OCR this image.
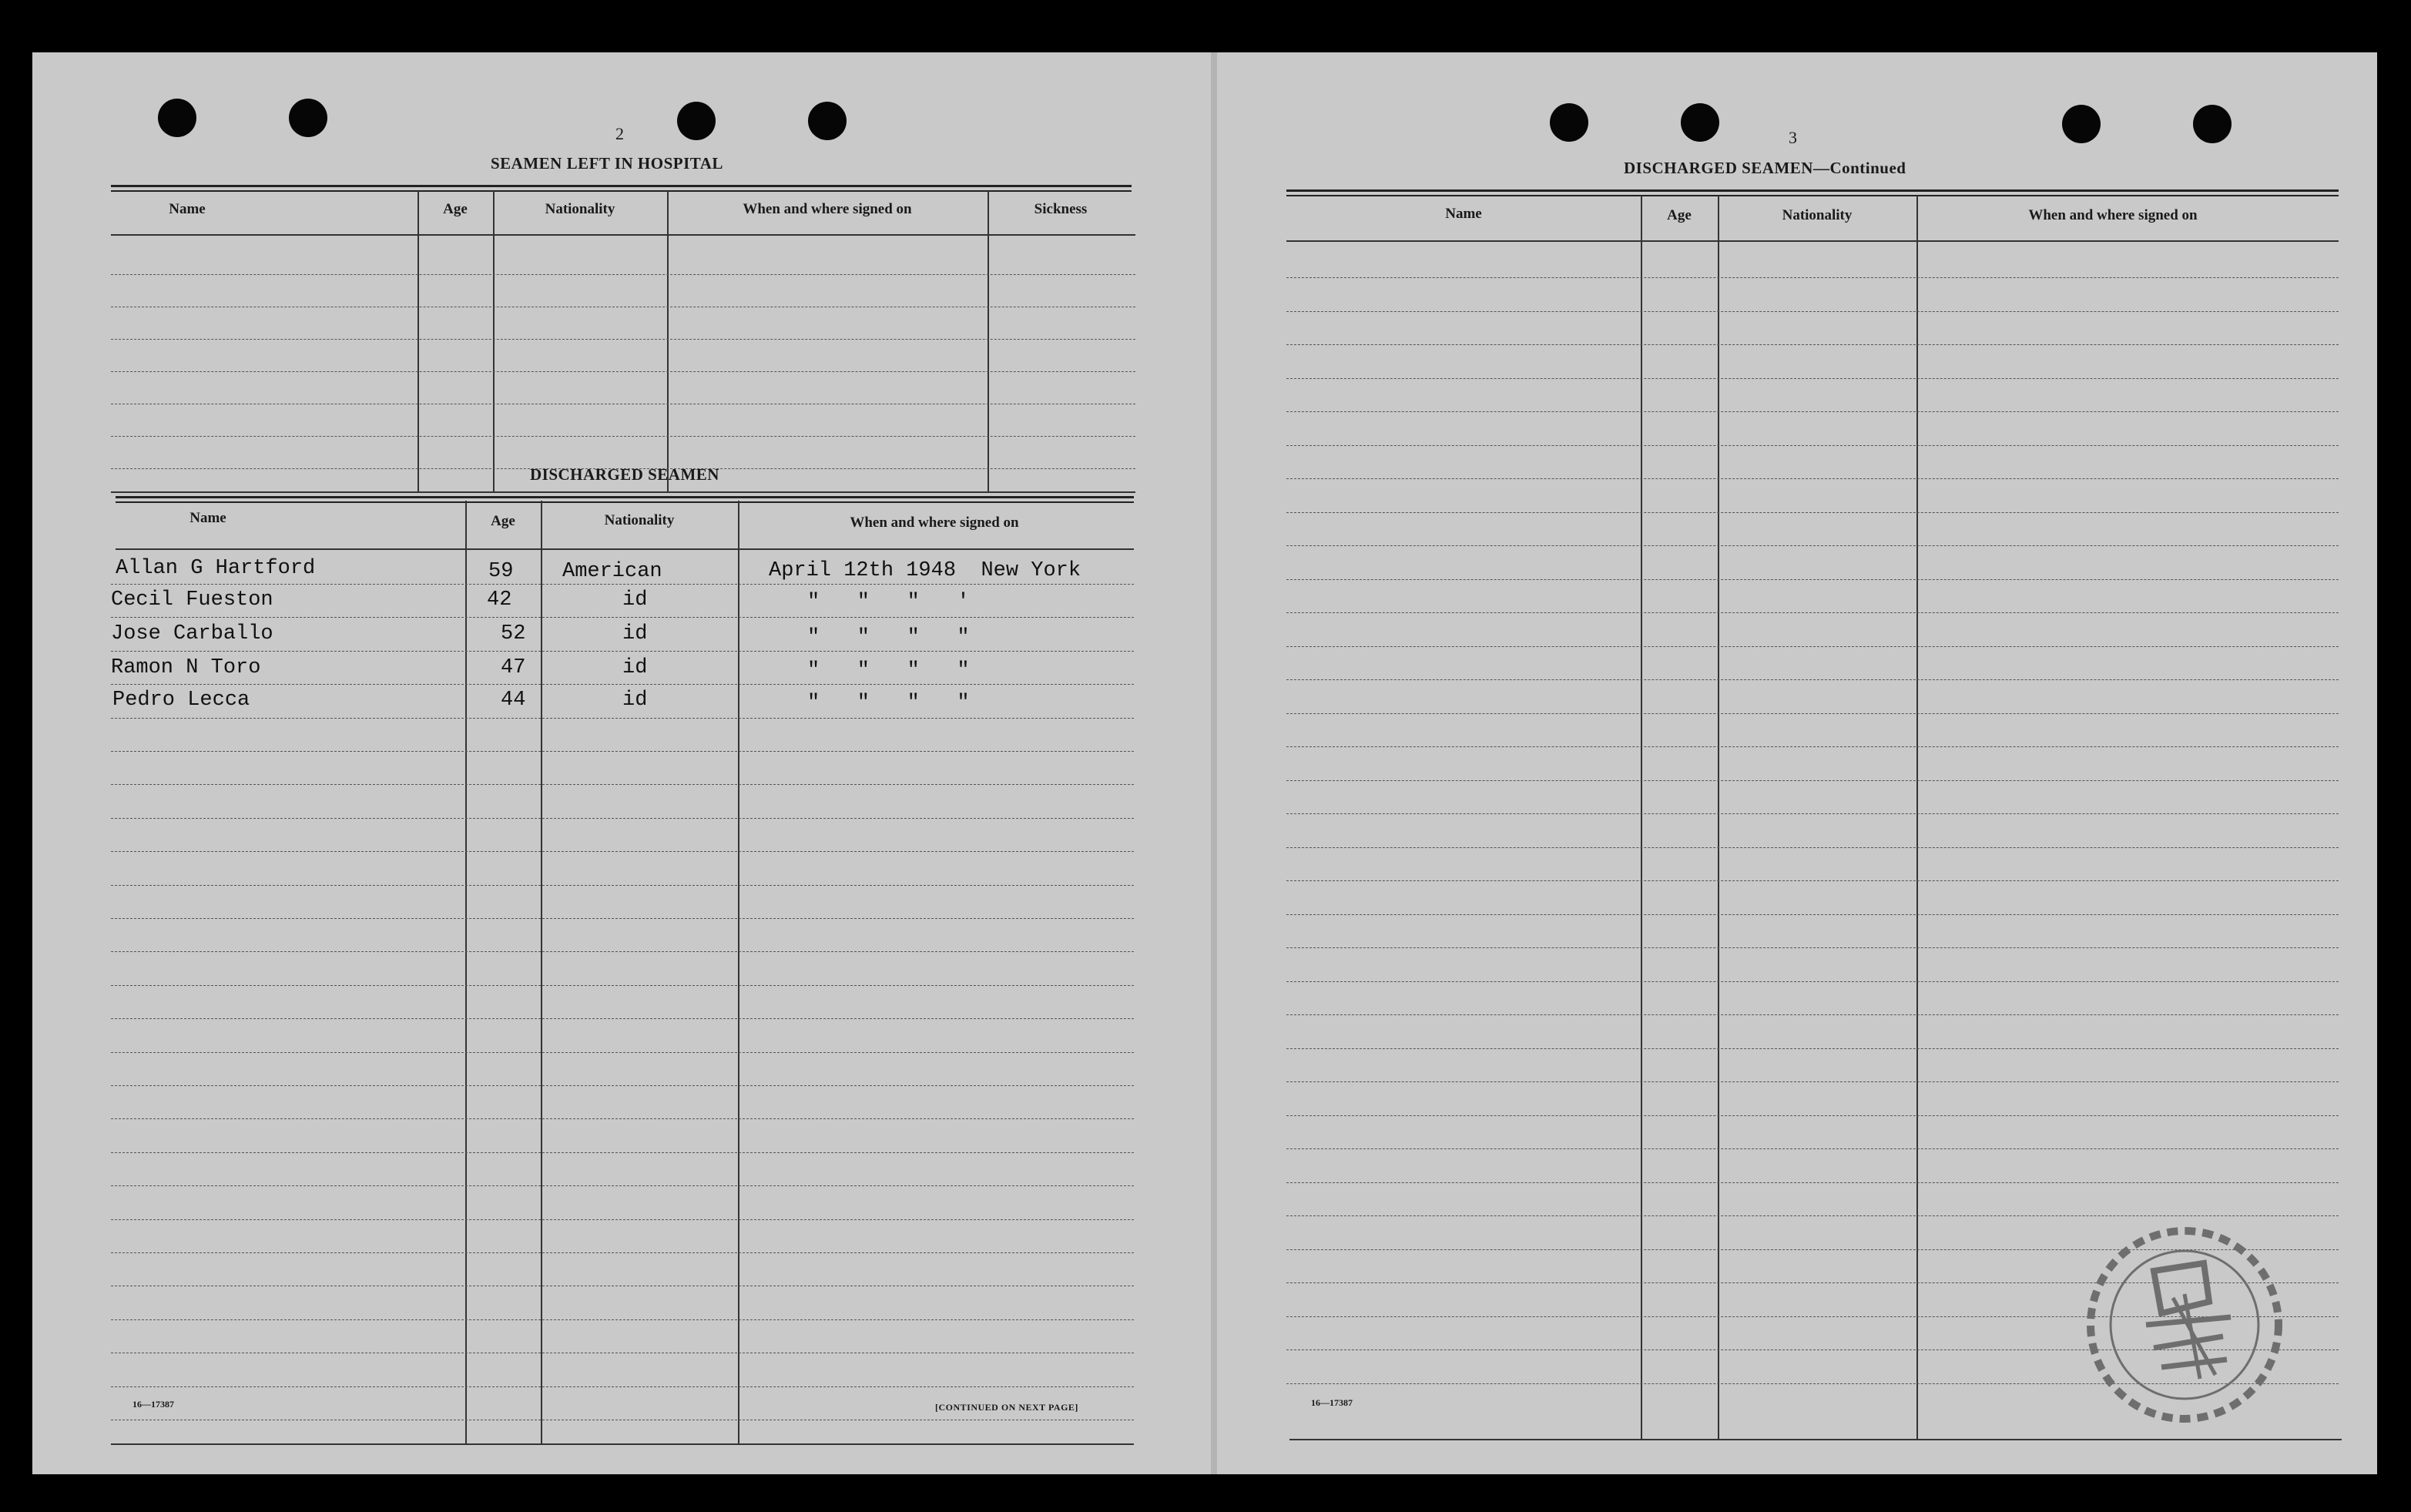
2
SEAMEN LEFT IN HOSPITAL
Name	Age	Nationality	When and where signed on	Sickness
DISCHARGED SEAMEN
Name	Age	Nationality	When and where signed on
Allan G Hartford	59 American	April 12th 1948  New York
Cecil Fueston	42	id	"   "   "   '
Jose Carballo	52	id	"   "   "   "
Ramon N Toro	47	id	"   "   "   "
Pedro Lecca	44	id	"   "   "   "
16—17387	[CONTINUED ON NEXT PAGE]
3
DISCHARGED SEAMEN—Continued
Name	Age	Nationality	When and where signed on
16—17387
